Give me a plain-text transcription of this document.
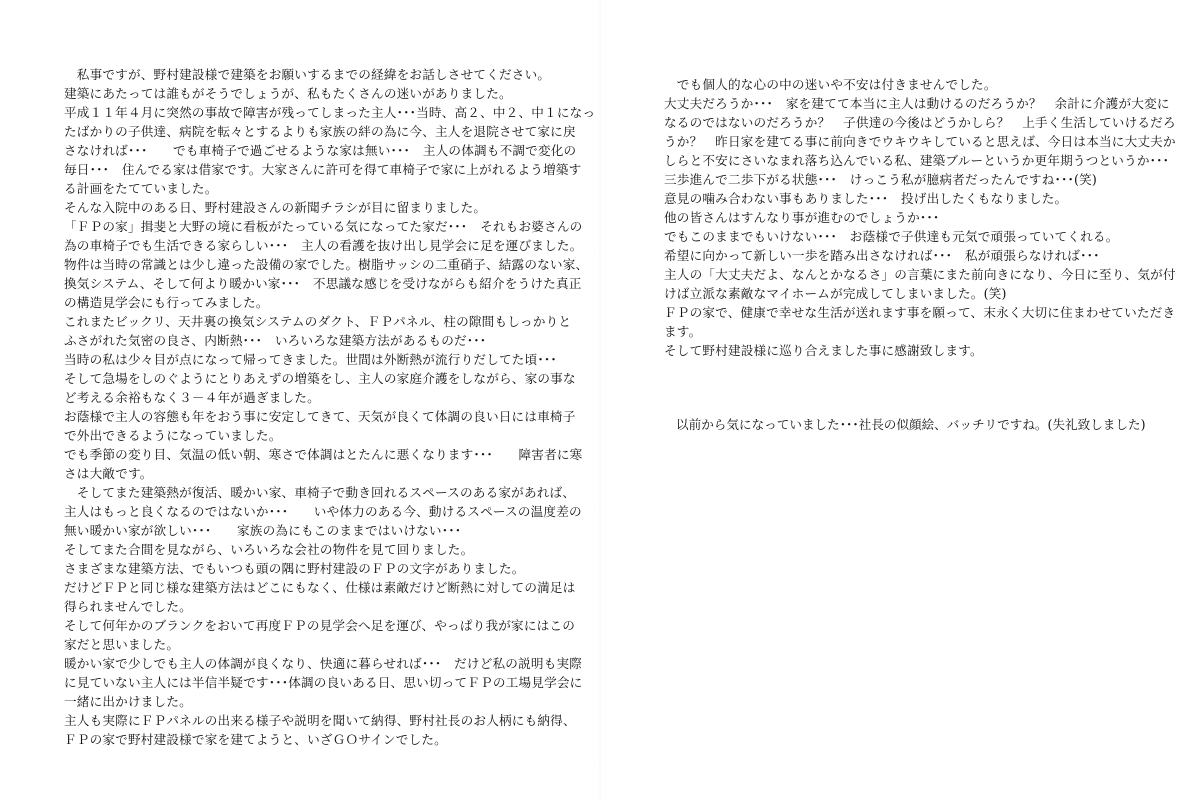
　私事ですが、野村建設様で建築をお願いするまでの経緯をお話しさせてください。
建築にあたっては誰もがそうでしょうが、私もたくさんの迷いがありました。
平成１１年４月に突然の事故で障害が残ってしまった主人･･･当時、高２、中２、中１になっ
たばかりの子供達、病院を転々とするよりも家族の絆の為に今、主人を退院させて家に戻
さなければ･･･　　でも車椅子で過ごせるような家は無い･･･　主人の体調も不調で変化の
毎日･･･　住んでる家は借家です。大家さんに許可を得て車椅子で家に上がれるよう増築す
る計画をたてていました。
そんな入院中のある日、野村建設さんの新聞チラシが目に留まりました。
「ＦＰの家」揖斐と大野の境に看板がたっている気になってた家だ･･･　それもお婆さんの
為の車椅子でも生活できる家らしい･･･　主人の看護を抜け出し見学会に足を運びました。
物件は当時の常識とは少し違った設備の家でした。樹脂サッシの二重硝子、結露のない家、
換気システム、そして何より暖かい家･･･　不思議な感じを受けながらも紹介をうけた真正
の構造見学会にも行ってみました。
これまたビックリ、天井裏の換気システムのダクト、ＦＰパネル、柱の隙間もしっかりと
ふさがれた気密の良さ、内断熱･･･　いろいろな建築方法があるものだ･･･
当時の私は少々目が点になって帰ってきました。世間は外断熱が流行りだしてた頃･･･
そして急場をしのぐようにとりあえずの増築をし、主人の家庭介護をしながら、家の事な
ど考える余裕もなく３－４年が過ぎました。
お蔭様で主人の容態も年をおう事に安定してきて、天気が良くて体調の良い日には車椅子
で外出できるようになっていました。
でも季節の変り目、気温の低い朝、寒さで体調はとたんに悪くなります･･･　　障害者に寒
さは大敵です。
　そしてまた建築熱が復活、暖かい家、車椅子で動き回れるスペースのある家があれば、
主人はもっと良くなるのではないか･･･　　いや体力のある今、動けるスペースの温度差の
無い暖かい家が欲しい･･･　　家族の為にもこのままではいけない･･･
そしてまた合間を見ながら、いろいろな会社の物件を見て回りました。
さまざまな建築方法、でもいつも頭の隅に野村建設のＦＰの文字がありました。
だけどＦＰと同じ様な建築方法はどこにもなく、仕様は素敵だけど断熱に対しての満足は
得られませんでした。
そして何年かのブランクをおいて再度ＦＰの見学会へ足を運び、やっぱり我が家にはこの
家だと思いました。
暖かい家で少しでも主人の体調が良くなり、快適に暮らせれば･･･　だけど私の説明も実際
に見ていない主人には半信半疑です･･･体調の良いある日、思い切ってＦＰの工場見学会に
一緒に出かけました。
主人も実際にＦＰパネルの出来る様子や説明を聞いて納得、野村社長のお人柄にも納得、
ＦＰの家で野村建設様で家を建てようと、いざＧＯサインでした。
　でも個人的な心の中の迷いや不安は付きませんでした。
大丈夫だろうか･･･　家を建てて本当に主人は動けるのだろうか？　余計に介護が大変に
なるのではないのだろうか？　子供達の今後はどうかしら？　上手く生活していけるだろ
うか？　昨日家を建てる事に前向きでウキウキしていると思えば、今日は本当に大丈夫か
しらと不安にさいなまれ落ち込んでいる私、建築ブルーというか更年期うつというか･･･
三歩進んで二歩下がる状態･･･　けっこう私が臆病者だったんですね･･･(笑)
意見の噛み合わない事もありました･･･　投げ出したくもなりました。
他の皆さんはすんなり事が進むのでしょうか･･･
でもこのままでもいけない･･･　お蔭様で子供達も元気で頑張っていてくれる。
希望に向かって新しい一歩を踏み出さなければ･･･　私が頑張らなければ･･･
主人の「大丈夫だよ、なんとかなるさ」の言葉にまた前向きになり、今日に至り、気が付
けば立派な素敵なマイホームが完成してしまいました。(笑)
ＦＰの家で、健康で幸せな生活が送れます事を願って、末永く大切に住まわせていただき
ます。
そして野村建設様に巡り合えました事に感謝致します。
以前から気になっていました･･･社長の似顔絵、バッチリですね。(失礼致しました)
